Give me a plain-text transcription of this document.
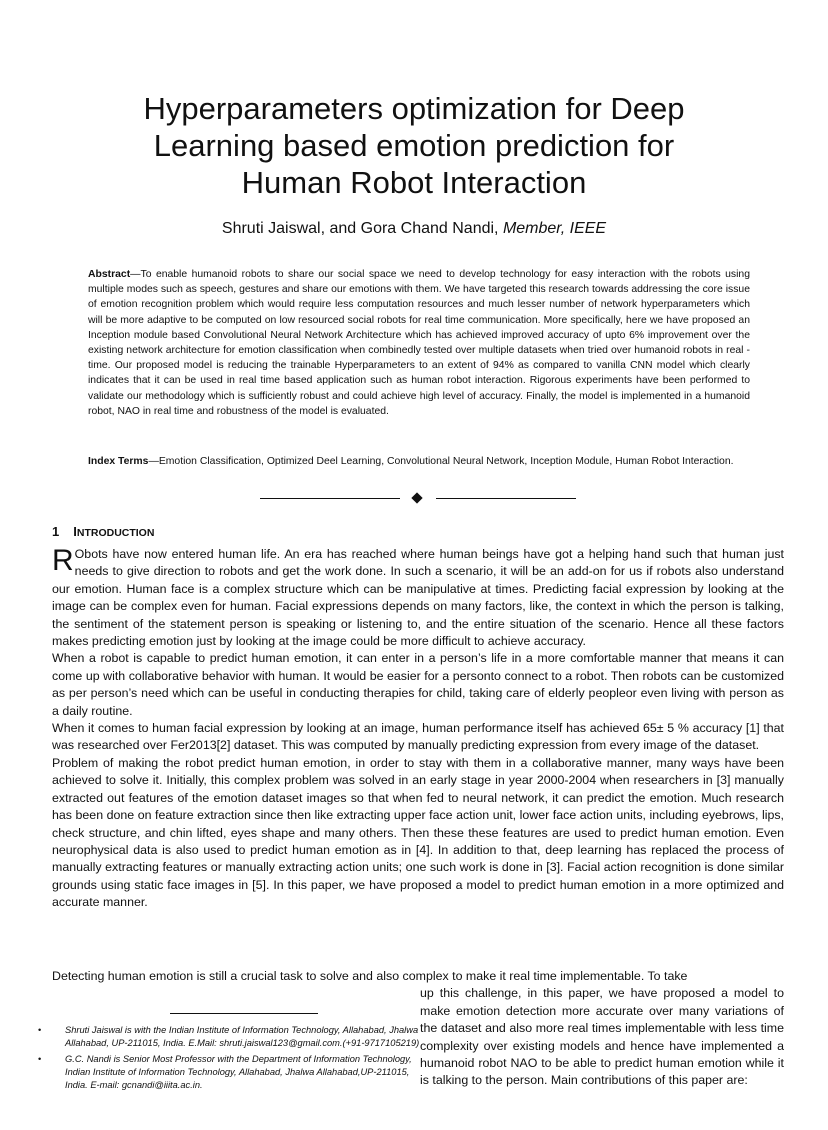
Hyperparameters optimization for Deep
Learning based emotion prediction for
Human Robot Interaction
Shruti Jaiswal, and Gora Chand Nandi, Member, IEEE
Abstract—To enable humanoid robots to share our social space we need to develop technology for easy interaction with the robots using multiple modes such as speech, gestures and share our emotions with them. We have targeted this research towards addressing the core issue of emotion recognition problem which would require less computation resources and much lesser number of network hyperparameters which will be more adaptive to be computed on low resourced social robots for real time communication. More specifically, here we have proposed an Inception module based Convolutional Neural Network Architecture which has achieved improved accuracy of upto 6% improvement over the existing network architecture for emotion classification when combinedly tested over multiple datasets when tried over humanoid robots in real - time. Our proposed model is reducing the trainable Hyperparameters to an extent of 94% as compared to vanilla CNN model which clearly indicates that it can be used in real time based application such as human robot interaction. Rigorous experiments have been performed to validate our methodology which is sufficiently robust and could achieve high level of accuracy. Finally, the model is implemented in a humanoid robot, NAO in real time and robustness of the model is evaluated.
Index Terms—Emotion Classification, Optimized Deel Learning, Convolutional Neural Network, Inception Module, Human Robot Interaction.
1 INTRODUCTION

R Obots have now entered human life. An era has reached where human beings have got a helping hand such that human just needs to give direction to robots and get the work done. In such a scenario, it will be an add-on for us if robots also understand our emotion. Human face is a complex structure which can be manipulative at times. Predicting facial expression by looking at the image can be complex even for human. Facial expressions depends on many factors, like, the context in which the person is talking, the sentiment of the statement person is speaking or listening to, and the entire situation of the scenario. Hence all these factors makes predicting emotion just by looking at the image could be more difficult to achieve accuracy.

When a robot is capable to predict human emotion, it can enter in a person’s life in a more comfortable manner that means it can come up with collaborative behavior with human. It would be easier for a personto connect to a robot. Then robots can be customized as per person’s need which can be useful in conducting therapies for child, taking care of elderly peopleor even living with person as a daily routine.

When it comes to human facial expression by looking at an image, human performance itself has achieved 65± 5 % accuracy [1] that was researched over Fer2013[2] dataset. This was computed by manually predicting expression from every image of the dataset.

Problem of making the robot predict human emotion, in order to stay with them in a collaborative manner, many ways have been achieved to solve it. Initially, this complex problem was solved in an early stage in year 2000-2004 when researchers in [3] manually extracted out features of the emotion dataset images so that when fed to neural network, it can predict the emotion. Much research has been done on feature extraction since then like extracting upper face action unit, lower face action units, including eyebrows, lips, check structure, and chin lifted, eyes shape and many others. Then these these features are used to predict human emotion. Even neurophysical data is also used to predict human emotion as in [4]. In addition to that, deep learning has replaced the process of manually extracting features or manually extracting action units; one such work is done in [3]. Facial action recognition is done similar grounds using static face images in [5]. In this paper, we have proposed a model to predict human emotion in a more optimized and accurate manner.

Detecting human emotion is still a crucial task to solve and also complex to make it real time implementable. To take
up this challenge, in this paper, we have proposed a model to make emotion detection more accurate over many variations of the dataset and also more real times implementable with less time complexity over existing models and hence have implemented a humanoid robot NAO to be able to predict human emotion while it is talking to the person. Main contributions of this paper are:
•	Shruti Jaiswal is with the Indian Institute of Information Technology, Allahabad, Jhalwa Allahabad, UP-211015, India. E.Mail: shruti.jaiswal123@gmail.com.(+91-9717105219)
•	G.C. Nandi is Senior Most Professor with the Department of Information Technology, Indian Institute of Information Technology, Allahabad, Jhalwa Allahabad,UP-211015, India. E-mail: gcnandi@iiita.ac.in.
